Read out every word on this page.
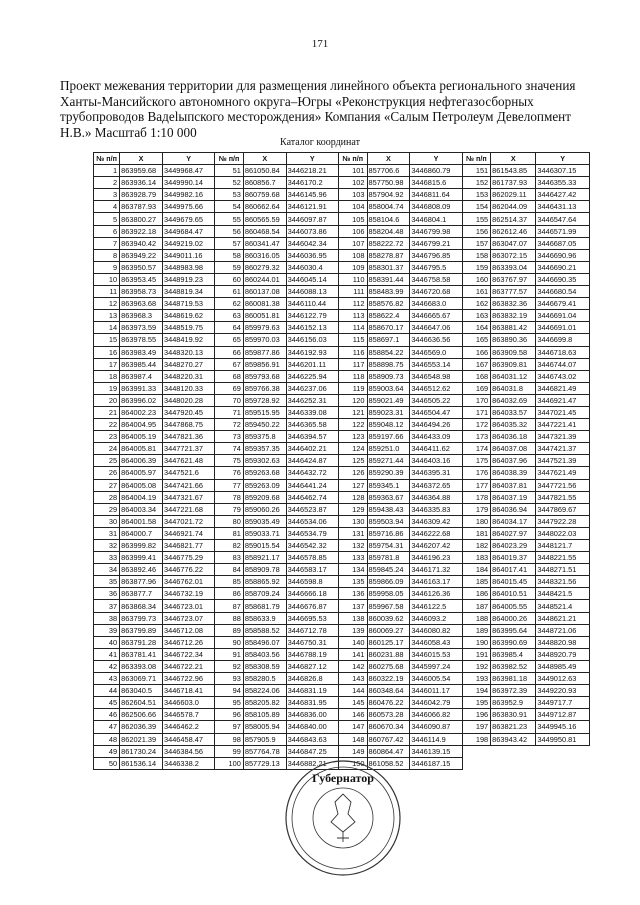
171
Проект межевания территории для размещения линейного объекта регионального значения Ханты-Мансийского автономного округа–Югры «Реконструкция нефтегазосборных трубопроводов Вадelыпского месторождения» Компания «Салым Петролеум Девелопмент Н.В.» Масштаб 1:10 000
Каталог координат
№ п/п	X	Y	№ п/п	X	Y	№ п/п	X	Y	№ п/п	X	Y
1	863959.68	3449968.47	51	861050.84	3446218.21	101	857706.6	3446860.79	151	861543.85	3446307.15
2	863936.14	3449990.14	52	860856.7	3446170.2	102	857750.98	3446815.6	152	861737.93	3446355.33
3	863928.79	3449982.16	53	860759.68	3446145.96	103	857904.92	3446811.64	153	862029.11	3446427.42
4	863787.93	3449975.66	54	860662.64	3446121.91	104	858004.74	3446808.09	154	862044.09	3446431.13
5	863800.27	3449679.65	55	860565.59	3446097.87	105	858104.6	3446804.1	155	862514.37	3446547.64
6	863922.18	3449684.47	56	860468.54	3446073.86	106	858204.48	3446799.98	156	862612.46	3446571.99
7	863940.42	3449219.02	57	860341.47	3446042.34	107	858222.72	3446799.21	157	863047.07	3446687.05
8	863949.22	3449011.16	58	860316.05	3446036.95	108	858278.87	3446796.85	158	863072.15	3446690.96
9	863950.57	3448983.98	59	860279.32	3446030.4	109	858301.37	3446795.5	159	863393.04	3446690.21
10	863953.45	3448919.23	60	860244.01	3446045.14	110	858391.44	3446758.58	160	863767.97	3446690.35
11	863958.73	3448819.34	61	860137.08	3446088.13	111	858483.99	3446720.68	161	863777.57	3446680.54
12	863963.68	3448719.53	62	860081.38	3446110.44	112	858576.82	3446683.0	162	863832.36	3446679.41
13	863968.3	3448619.62	63	860051.81	3446122.79	113	858622.4	3446665.67	163	863832.19	3446691.04
14	863973.59	3448519.75	64	859979.63	3446152.13	114	858670.17	3446647.06	164	863881.42	3446691.01
15	863978.55	3448419.92	65	859970.03	3446156.03	115	858697.1	3446636.56	165	863890.36	3446699.8
16	863983.49	3448320.13	66	859877.86	3446192.93	116	858854.22	3446569.0	166	863909.58	3446718.63
17	863985.44	3448270.27	67	859856.91	3446201.11	117	858898.75	3446553.14	167	863909.81	3446744.07
18	863987.4	3448220.31	68	859793.68	3446225.94	118	858909.73	3446548.98	168	864031.12	3446743.02
19	863991.33	3448120.33	69	859766.38	3446237.06	119	859003.64	3446512.62	169	864031.8	3446821.49
20	863996.02	3448020.28	70	859728.92	3446252.31	120	859021.49	3446505.22	170	864032.69	3446921.47
21	864002.23	3447920.45	71	859515.95	3446339.08	121	859023.31	3446504.47	171	864033.57	3447021.45
22	864004.95	3447868.75	72	859450.22	3446365.58	122	859048.12	3446494.26	172	864035.32	3447221.41
23	864005.19	3447821.36	73	859375.8	3446394.57	123	859197.66	3446433.09	173	864036.18	3447321.39
24	864005.81	3447721.37	74	859357.35	3446402.21	124	859251.0	3446411.62	174	864037.08	3447421.37
25	864006.39	3447621.48	75	859302.63	3446424.87	125	859271.44	3446403.16	175	864037.96	3447521.39
26	864005.97	3447521.6	76	859263.68	3446432.72	126	859290.39	3446395.31	176	864038.39	3447621.49
27	864005.08	3447421.66	77	859263.09	3446441.24	127	859345.1	3446372.65	177	864037.81	3447721.56
28	864004.19	3447321.67	78	859209.68	3446462.74	128	859363.67	3446364.88	178	864037.19	3447821.55
29	864003.34	3447221.68	79	859060.26	3446523.87	129	859438.43	3446335.83	179	864036.94	3447869.67
30	864001.58	3447021.72	80	859035.49	3446534.06	130	859503.94	3446309.42	180	864034.17	3447922.28
31	864000.7	3446921.74	81	859033.71	3446534.79	131	859716.86	3446222.68	181	864027.97	3448022.03
32	863999.82	3446821.77	82	859015.54	3446542.32	132	859754.31	3446207.42	182	864023.29	3448121.7
33	863999.41	3446775.29	83	858921.17	3446578.85	133	859781.8	3446196.23	183	864019.37	3448221.55
34	863892.46	3446776.22	84	858909.78	3446583.17	134	859845.24	3446171.32	184	864017.41	3448271.51
35	863877.96	3446762.01	85	858865.92	3446598.8	135	859866.09	3446163.17	185	864015.45	3448321.56
36	863877.7	3446732.19	86	858709.24	3446666.18	136	859958.05	3446126.36	186	864010.51	3448421.5
37	863868.34	3446723.01	87	858681.79	3446676.87	137	859967.58	3446122.5	187	864005.55	3448521.4
38	863799.73	3446723.07	88	858633.9	3446695.53	138	860039.62	3446093.2	188	864000.26	3448621.21
39	863799.89	3446712.08	89	858588.52	3446712.78	139	860069.27	3446080.82	189	863995.64	3448721.06
40	863791.28	3446712.26	90	858496.07	3446750.31	140	860125.17	3446058.43	190	863990.69	3448820.98
41	863781.41	3446722.34	91	858403.56	3446788.19	141	860231.88	3446015.53	191	863985.4	3448920.79
42	863393.08	3446722.21	92	858308.59	3446827.12	142	860275.68	3445997.24	192	863982.52	3448985.49
43	863069.71	3446722.96	93	858280.5	3446826.8	143	860322.19	3446005.54	193	863981.18	3449012.63
44	863040.5	3446718.41	94	858224.06	3446831.19	144	860348.64	3446011.17	194	863972.39	3449220.93
45	862604.51	3446603.0	95	858205.82	3446831.95	145	860476.22	3446042.79	195	863952.9	3449717.7
46	862506.66	3446578.7	96	858105.89	3446836.00	146	860573.28	3446066.82	196	863830.91	3449712.87
47	862036.39	3446462.2	97	858005.94	3446840.00	147	860670.34	3446090.87	197	863821.23	3449945.16
48	862021.39	3446458.47	98	857905.9	3446843.63	148	860767.42	3446114.9	198	863943.42	3449950.81
49	861730.24	3446384.56	99	857764.78	3446847.25	149	860864.47	3446139.15			
50	861536.14	3446338.2	100	857729.13	3446882.21	150	861058.52	3446187.15			
Губернатор
